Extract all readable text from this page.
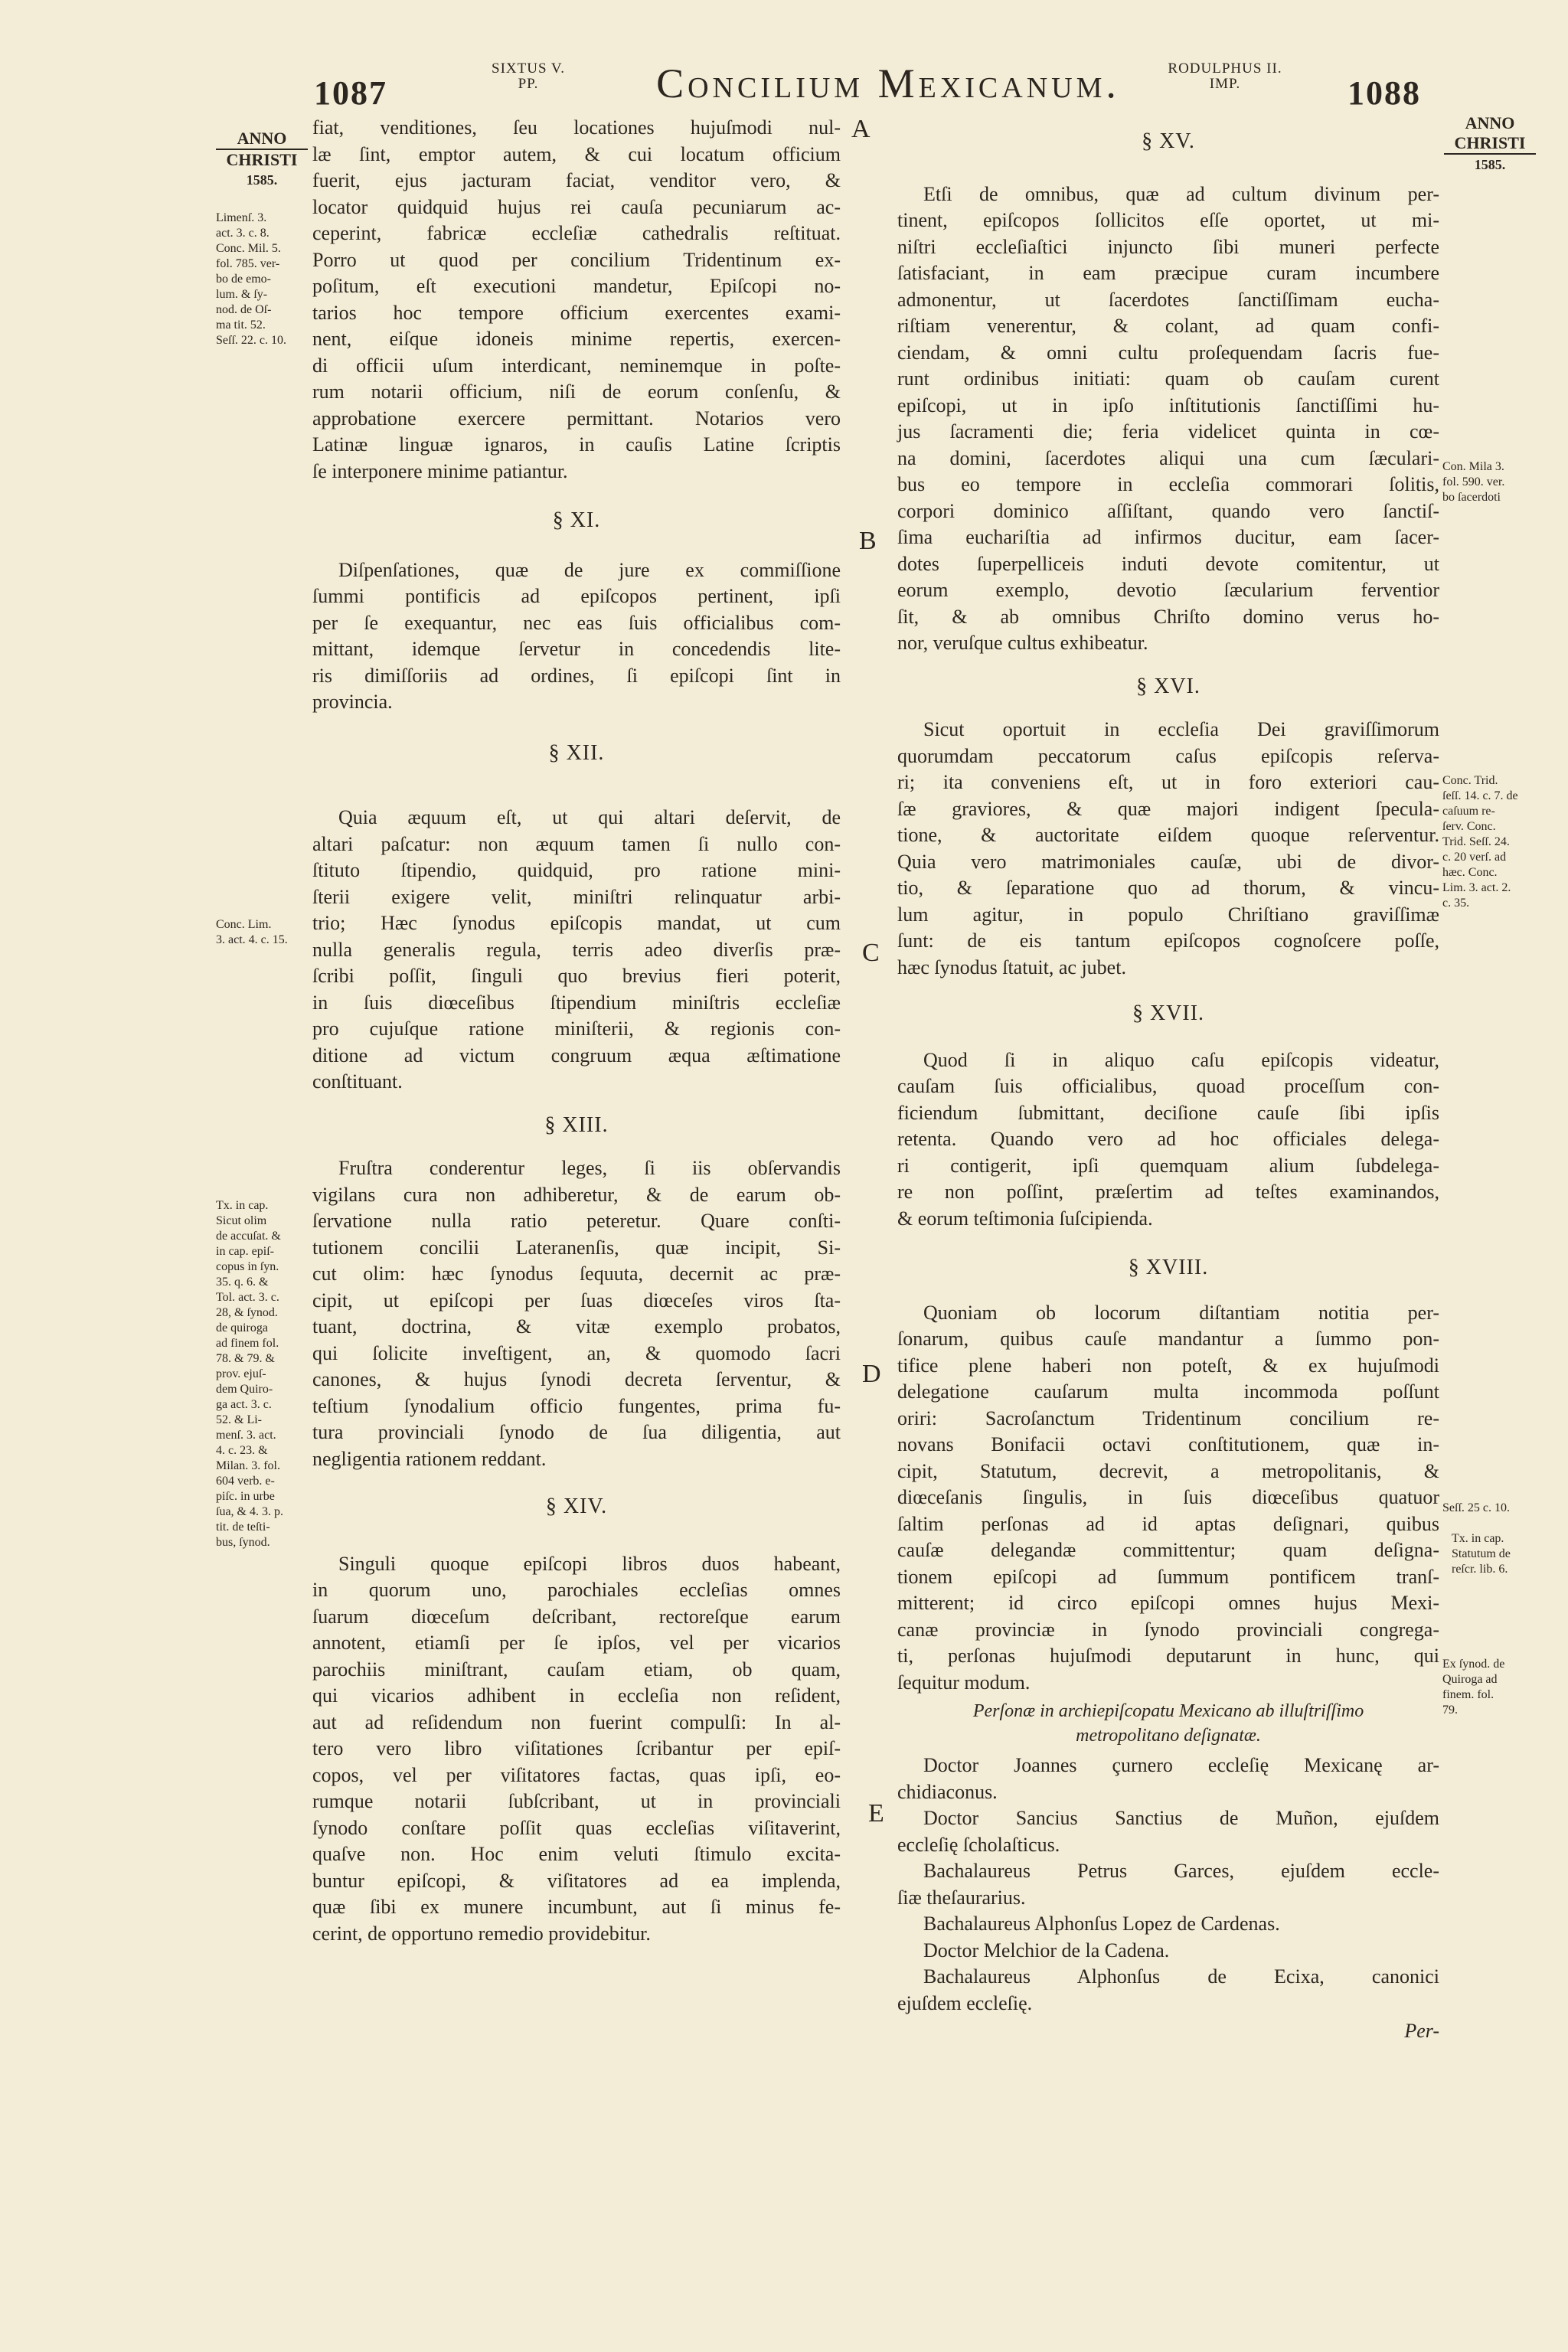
1087
SIXTUS V.
PP.	Concilium Mexicanum.	RODULPHUS II.
IMP.	1088
ANNO
CHRISTI
1585.
Limenſ. 3.
act. 3. c. 8.
Conc. Mil. 5.
fol. 785. ver-
bo de emo-
lum. & ſy-
nod. de Oſ-
ma tit. 52.
Seſſ. 22. c. 10.
Conc. Lim.
3. act. 4. c. 15.
Tx. in cap.
Sicut olim
de accuſat. &
in cap. epiſ-
copus in ſyn.
35. q. 6. &
Tol. act. 3. c.
28, & ſynod.
de quiroga
ad finem fol.
78. & 79. &
prov. ejuſ-
dem Quiro-
ga act. 3. c.
52. & Li-
menſ. 3. act.
4. c. 23. &
Milan. 3. fol.
604 verb. e-
piſc. in urbe
ſua, & 4. 3. p.
tit. de teſti-
bus, ſynod.
A
B
C
D
E

fiat, venditiones, ſeu locationes hujuſmodi nul-
læ ſint, emptor autem, & cui locatum officium
fuerit, ejus jacturam faciat, venditor vero, &
locator quidquid hujus rei cauſa pecuniarum ac-
ceperint, fabricæ eccleſiæ cathedralis reſtituat.
Porro ut quod per concilium Tridentinum ex-
poſitum, eſt executioni mandetur, Epiſcopi no-
tarios hoc tempore officium exercentes exami-
nent, eiſque idoneis minime repertis, exercen-
di officii uſum interdicant, neminemque in poſte-
rum notarii officium, niſi de eorum conſenſu, &
approbatione exercere permittant. Notarios vero
Latinæ linguæ ignaros, in cauſis Latine ſcriptis
ſe interponere minime patiantur.

§ XI.

Diſpenſationes, quæ de jure ex commiſſione
ſummi pontificis ad epiſcopos pertinent, ipſi
per ſe exequantur, nec eas ſuis officialibus com-
mittant, idemque ſervetur in concedendis lite-
ris dimiſſoriis ad ordines, ſi epiſcopi ſint in
provincia.

§ XII.

Quia æquum eſt, ut qui altari deſervit, de
altari paſcatur: non æquum tamen ſi nullo con-
ſtituto ſtipendio, quidquid, pro ratione mini-
ſterii exigere velit, miniſtri relinquatur arbi-
trio; Hæc ſynodus epiſcopis mandat, ut cum
nulla generalis regula, terris adeo diverſis præ-
ſcribi poſſit, ſinguli quo brevius fieri poterit,
in ſuis diœceſibus ſtipendium miniſtris eccleſiæ
pro cujuſque ratione miniſterii, & regionis con-
ditione ad victum congruum æqua æſtimatione
conſtituant.

§ XIII.

Fruſtra conderentur leges, ſi iis obſervandis
vigilans cura non adhiberetur, & de earum ob-
ſervatione nulla ratio peteretur. Quare conſti-
tutionem concilii Lateranenſis, quæ incipit, Si-
cut olim: hæc ſynodus ſequuta, decernit ac præ-
cipit, ut epiſcopi per ſuas diœceſes viros ſta-
tuant, doctrina, & vitæ exemplo probatos,
qui ſolicite inveſtigent, an, & quomodo ſacri
canones, & hujus ſynodi decreta ſerventur, &
teſtium ſynodalium officio fungentes, prima fu-
tura provinciali ſynodo de ſua diligentia, aut
negligentia rationem reddant.

§ XIV.

Singuli quoque epiſcopi libros duos habeant,
in quorum uno, parochiales eccleſias omnes
ſuarum diœceſum deſcribant, rectoreſque earum
annotent, etiamſi per ſe ipſos, vel per vicarios
parochiis miniſtrant, cauſam etiam, ob quam,
qui vicarios adhibent in eccleſia non reſident,
aut ad reſidendum non fuerint compulſi: In al-
tero vero libro viſitationes ſcribantur per epiſ-
copos, vel per viſitatores factas, quas ipſi, eo-
rumque notarii ſubſcribant, ut in provinciali
ſynodo conſtare poſſit quas eccleſias viſitaverint,
quaſve non. Hoc enim veluti ſtimulo excita-
buntur epiſcopi, & viſitatores ad ea implenda,
quæ ſibi ex munere incumbunt, aut ſi minus fe-
cerint, de opportuno remedio providebitur.

§ XV.

Etſi de omnibus, quæ ad cultum divinum per-
tinent, epiſcopos ſollicitos eſſe oportet, ut mi-
niſtri eccleſiaſtici injuncto ſibi muneri perfecte
ſatisfaciant, in eam præcipue curam incumbere
admonentur, ut ſacerdotes ſanctiſſimam eucha-
riſtiam venerentur, & colant, ad quam confi-
ciendam, & omni cultu proſequendam ſacris fue-
runt ordinibus initiati: quam ob cauſam curent
epiſcopi, ut in ipſo inſtitutionis ſanctiſſimi hu-
jus ſacramenti die; feria videlicet quinta in cœ-
na domini, ſacerdotes aliqui una cum ſæculari-
bus eo tempore in eccleſia commorari ſolitis,
corpori dominico aſſiſtant, quando vero ſanctiſ-
ſima euchariſtia ad infirmos ducitur, eam ſacer-
dotes ſuperpelliceis induti devote comitentur, ut
eorum exemplo, devotio ſæcularium ferventior
ſit, & ab omnibus Chriſto domino verus ho-
nor, veruſque cultus exhibeatur.

§ XVI.

Sicut oportuit in eccleſia Dei graviſſimorum
quorumdam peccatorum caſus epiſcopis reſerva-
ri; ita conveniens eſt, ut in foro exteriori cau-
ſæ graviores, & quæ majori indigent ſpecula-
tione, & auctoritate eiſdem quoque reſerventur.
Quia vero matrimoniales cauſæ, ubi de divor-
tio, & ſeparatione quo ad thorum, & vincu-
lum agitur, in populo Chriſtiano graviſſimæ
ſunt: de eis tantum epiſcopos cognoſcere poſſe,
hæc ſynodus ſtatuit, ac jubet.

§ XVII.

Quod ſi in aliquo caſu epiſcopis videatur,
cauſam ſuis officialibus, quoad proceſſum con-
ficiendum ſubmittant, deciſione cauſe ſibi ipſis
retenta. Quando vero ad hoc officiales delega-
ri contigerit, ipſi quemquam alium ſubdelega-
re non poſſint, præſertim ad teſtes examinandos,
& eorum teſtimonia ſuſcipienda.

§ XVIII.

Quoniam ob locorum diſtantiam notitia per-
ſonarum, quibus cauſe mandantur a ſummo pon-
tifice plene haberi non poteſt, & ex hujuſmodi
delegatione cauſarum multa incommoda poſſunt
oriri: Sacroſanctum Tridentinum concilium re-
novans Bonifacii octavi conſtitutionem, quæ in-
cipit, Statutum, decrevit, a metropolitanis, &
diœceſanis ſingulis, in ſuis diœceſibus quatuor
ſaltim perſonas ad id aptas deſignari, quibus
cauſæ delegandæ committentur; quam deſigna-
tionem epiſcopi ad ſummum pontificem tranſ-
mitterent; id circo epiſcopi omnes hujus Mexi-
canæ provinciæ in ſynodo provinciali congrega-
ti, perſonas hujuſmodi deputarunt in hunc, qui
ſequitur modum.

Perſonæ in archiepiſcopatu Mexicano ab illuſtriſſimo
metropolitano deſignatæ.

Doctor Joannes çurnero eccleſię Mexicanę ar-
chidiaconus.
Doctor Sancius Sanctius de Muñon, ejuſdem
eccleſię ſcholaſticus.
Bachalaureus Petrus Garces, ejuſdem eccle-
ſiæ theſaurarius.
Bachalaureus Alphonſus Lopez de Cardenas.
Doctor Melchior de la Cadena.
Bachalaureus Alphonſus de Ecixa, canonici
ejuſdem eccleſię.

Per-
ANNO
CHRISTI
1585.
Con. Mila 3.
fol. 590. ver.
bo ſacerdoti
Conc. Trid.
ſeſſ. 14. c. 7. de
caſuum re-
ſerv. Conc.
Trid. Seſſ. 24.
c. 20 verſ. ad
hæc. Conc.
Lim. 3. act. 2.
c. 35.
Seſſ. 25 c. 10.
Tx. in cap.
Statutum de
reſcr. lib. 6.
Ex ſynod. de
Quiroga ad
finem. fol.
79.
